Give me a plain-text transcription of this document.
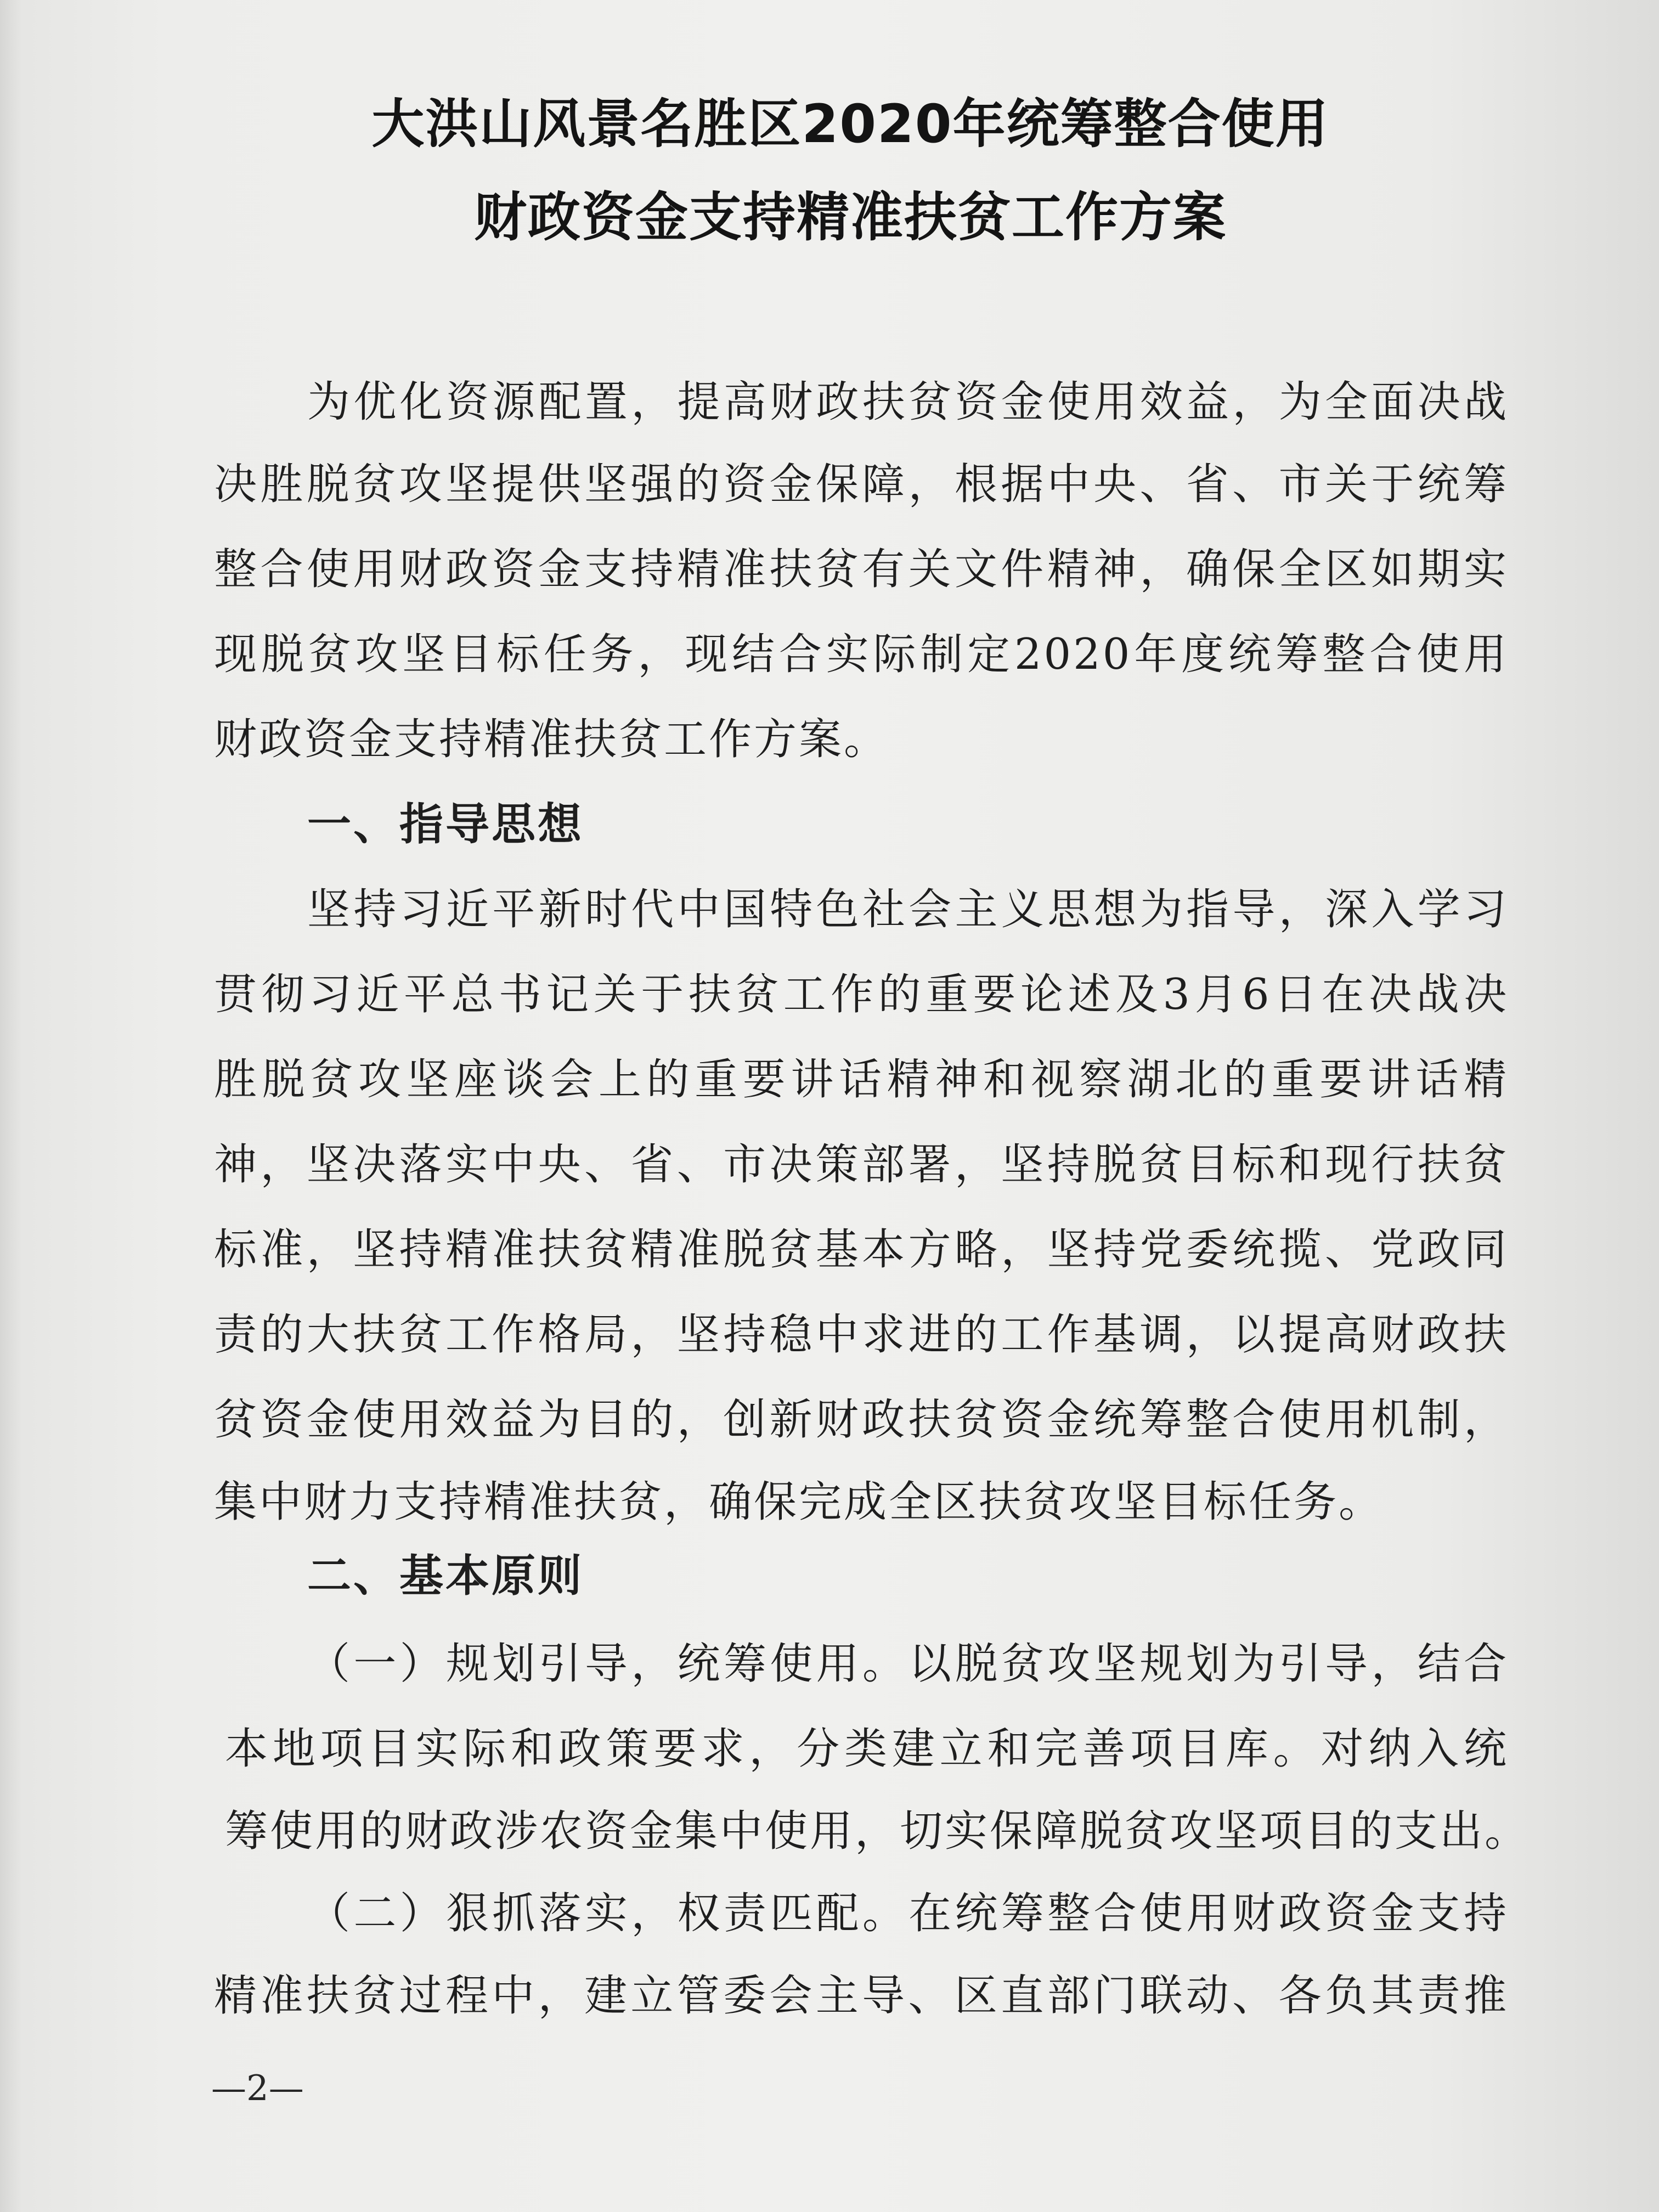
大洪山风景名胜区2020年统筹整合使用
财政资金支持精准扶贫工作方案
为优化资源配置，提高财政扶贫资金使用效益，为全面决战
决胜脱贫攻坚提供坚强的资金保障，根据中央、省、市关于统筹
整合使用财政资金支持精准扶贫有关文件精神，确保全区如期实
现脱贫攻坚目标任务，现结合实际制定2020年度统筹整合使用
财政资金支持精准扶贫工作方案。
一、指导思想
坚持习近平新时代中国特色社会主义思想为指导，深入学习
贯彻习近平总书记关于扶贫工作的重要论述及3月6日在决战决
胜脱贫攻坚座谈会上的重要讲话精神和视察湖北的重要讲话精
神，坚决落实中央、省、市决策部署，坚持脱贫目标和现行扶贫
标准，坚持精准扶贫精准脱贫基本方略，坚持党委统揽、党政同
责的大扶贫工作格局，坚持稳中求进的工作基调，以提高财政扶
贫资金使用效益为目的，创新财政扶贫资金统筹整合使用机制，
集中财力支持精准扶贫，确保完成全区扶贫攻坚目标任务。
二、基本原则
（一）规划引导，统筹使用。以脱贫攻坚规划为引导，结合
本地项目实际和政策要求，分类建立和完善项目库。对纳入统
筹使用的财政涉农资金集中使用，切实保障脱贫攻坚项目的支出。
（二）狠抓落实，权责匹配。在统筹整合使用财政资金支持
精准扶贫过程中，建立管委会主导、区直部门联动、各负其责推
—2—
